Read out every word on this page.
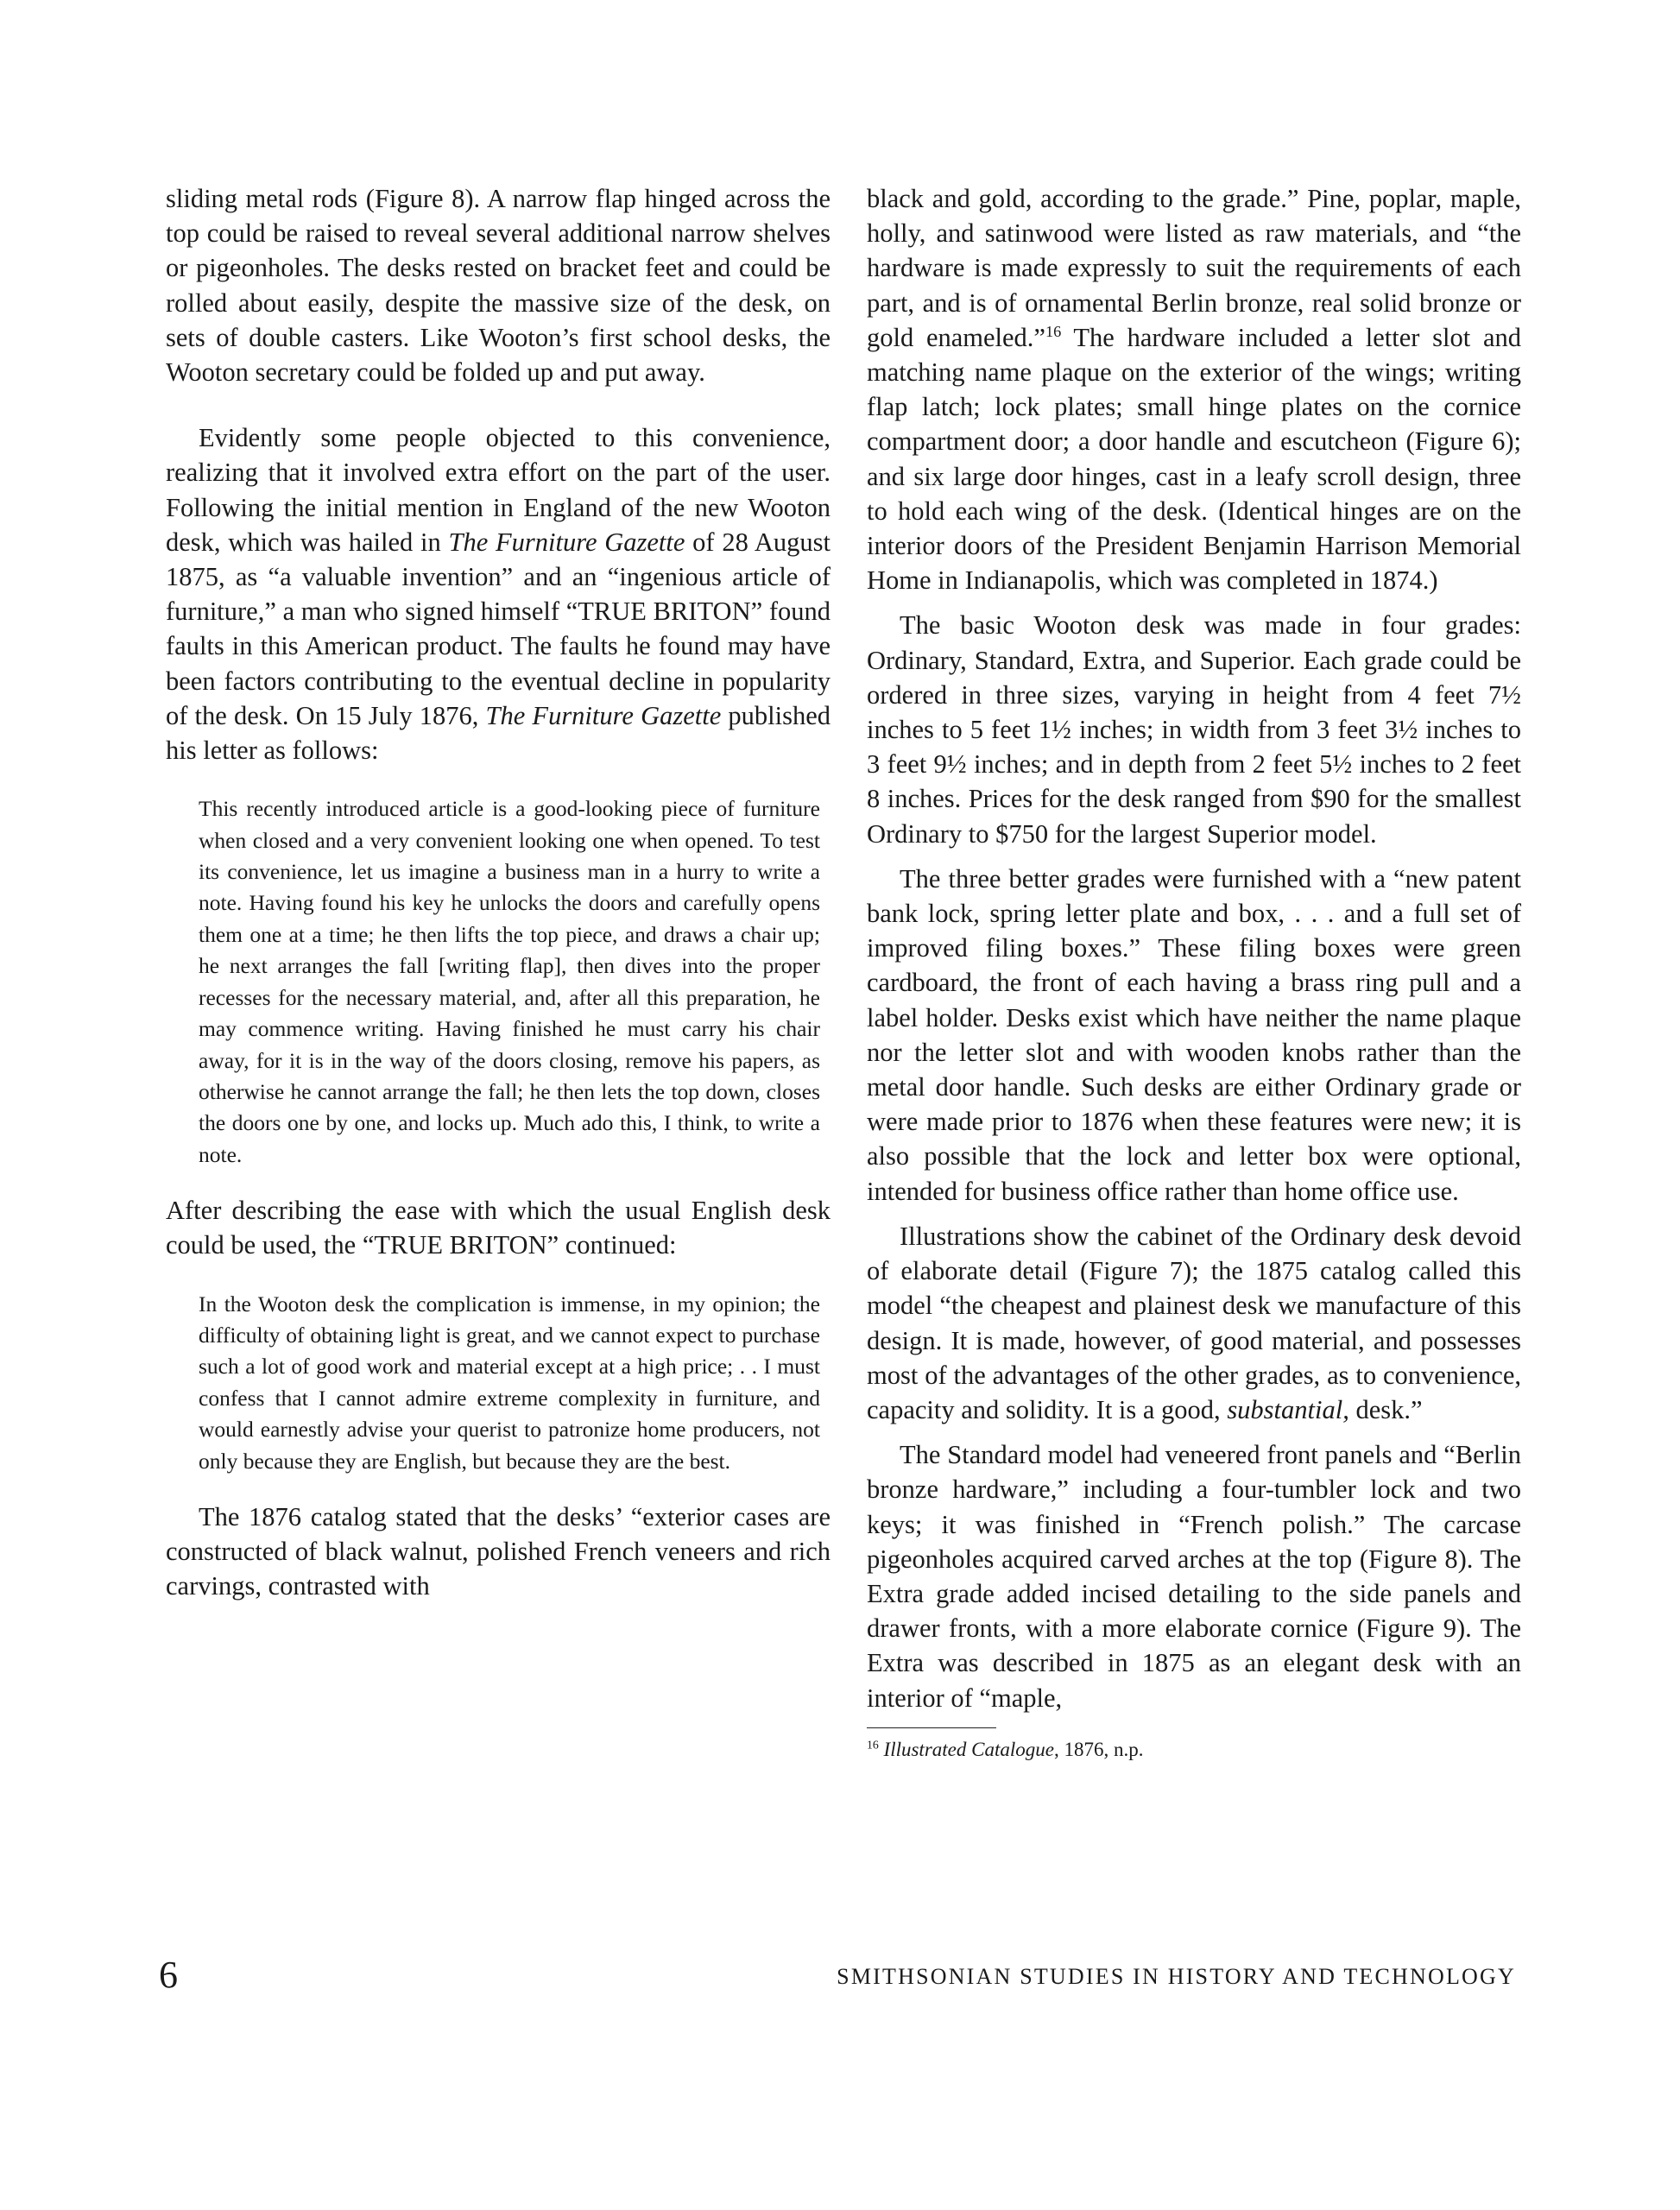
sliding metal rods (Figure 8). A narrow flap hinged across the top could be raised to reveal several additional narrow shelves or pigeonholes. The desks rested on bracket feet and could be rolled about easily, despite the massive size of the desk, on sets of double casters. Like Wooton’s first school desks, the Wooton secretary could be folded up and put away.

Evidently some people objected to this convenience, realizing that it involved extra effort on the part of the user. Following the initial mention in England of the new Wooton desk, which was hailed in The Furniture Gazette of 28 August 1875, as “a valuable invention” and an “ingenious article of furniture,” a man who signed himself “TRUE BRITON” found faults in this American product. The faults he found may have been factors contributing to the eventual decline in popularity of the desk. On 15 July 1876, The Furniture Gazette published his letter as follows:

This recently introduced article is a good-looking piece of furniture when closed and a very convenient looking one when opened. To test its convenience, let us imagine a business man in a hurry to write a note. Having found his key he unlocks the doors and carefully opens them one at a time; he then lifts the top piece, and draws a chair up; he next arranges the fall [writing flap], then dives into the proper recesses for the necessary material, and, after all this preparation, he may commence writing. Having finished he must carry his chair away, for it is in the way of the doors closing, remove his papers, as otherwise he cannot arrange the fall; he then lets the top down, closes the doors one by one, and locks up. Much ado this, I think, to write a note.

After describing the ease with which the usual English desk could be used, the “TRUE BRITON” continued:

In the Wooton desk the complication is immense, in my opinion; the difficulty of obtaining light is great, and we cannot expect to purchase such a lot of good work and material except at a high price; . . I must confess that I cannot admire extreme complexity in furniture, and would earnestly advise your querist to patronize home producers, not only because they are English, but because they are the best.

The 1876 catalog stated that the desks’ “exterior cases are constructed of black walnut, polished French veneers and rich carvings, contrasted with

black and gold, according to the grade.” Pine, poplar, maple, holly, and satinwood were listed as raw materials, and “the hardware is made expressly to suit the requirements of each part, and is of ornamental Berlin bronze, real solid bronze or gold enameled.”$^{16}$ The hardware included a letter slot and matching name plaque on the exterior of the wings; writing flap latch; lock plates; small hinge plates on the cornice compartment door; a door handle and escutcheon (Figure 6); and six large door hinges, cast in a leafy scroll design, three to hold each wing of the desk. (Identical hinges are on the interior doors of the President Benjamin Harrison Memorial Home in Indianapolis, which was completed in 1874.)

The basic Wooton desk was made in four grades: Ordinary, Standard, Extra, and Superior. Each grade could be ordered in three sizes, varying in height from 4 feet 7½ inches to 5 feet 1½ inches; in width from 3 feet 3½ inches to 3 feet 9½ inches; and in depth from 2 feet 5½ inches to 2 feet 8 inches. Prices for the desk ranged from $90 for the smallest Ordinary to $750 for the largest Superior model.

The three better grades were furnished with a “new patent bank lock, spring letter plate and box, . . . and a full set of improved filing boxes.” These filing boxes were green cardboard, the front of each having a brass ring pull and a label holder. Desks exist which have neither the name plaque nor the letter slot and with wooden knobs rather than the metal door handle. Such desks are either Ordinary grade or were made prior to 1876 when these features were new; it is also possible that the lock and letter box were optional, intended for business office rather than home office use.

Illustrations show the cabinet of the Ordinary desk devoid of elaborate detail (Figure 7); the 1875 catalog called this model “the cheapest and plainest desk we manufacture of this design. It is made, however, of good material, and possesses most of the advantages of the other grades, as to convenience, capacity and solidity. It is a good, substantial, desk.”

The Standard model had veneered front panels and “Berlin bronze hardware,” including a four-tumbler lock and two keys; it was finished in “French polish.” The carcase pigeonholes acquired carved arches at the top (Figure 8). The Extra grade added incised detailing to the side panels and drawer fronts, with a more elaborate cornice (Figure 9). The Extra was described in 1875 as an elegant desk with an interior of “maple,

$^{16}$ Illustrated Catalogue, 1876, n.p.

6	SMITHSONIAN STUDIES IN HISTORY AND TECHNOLOGY
